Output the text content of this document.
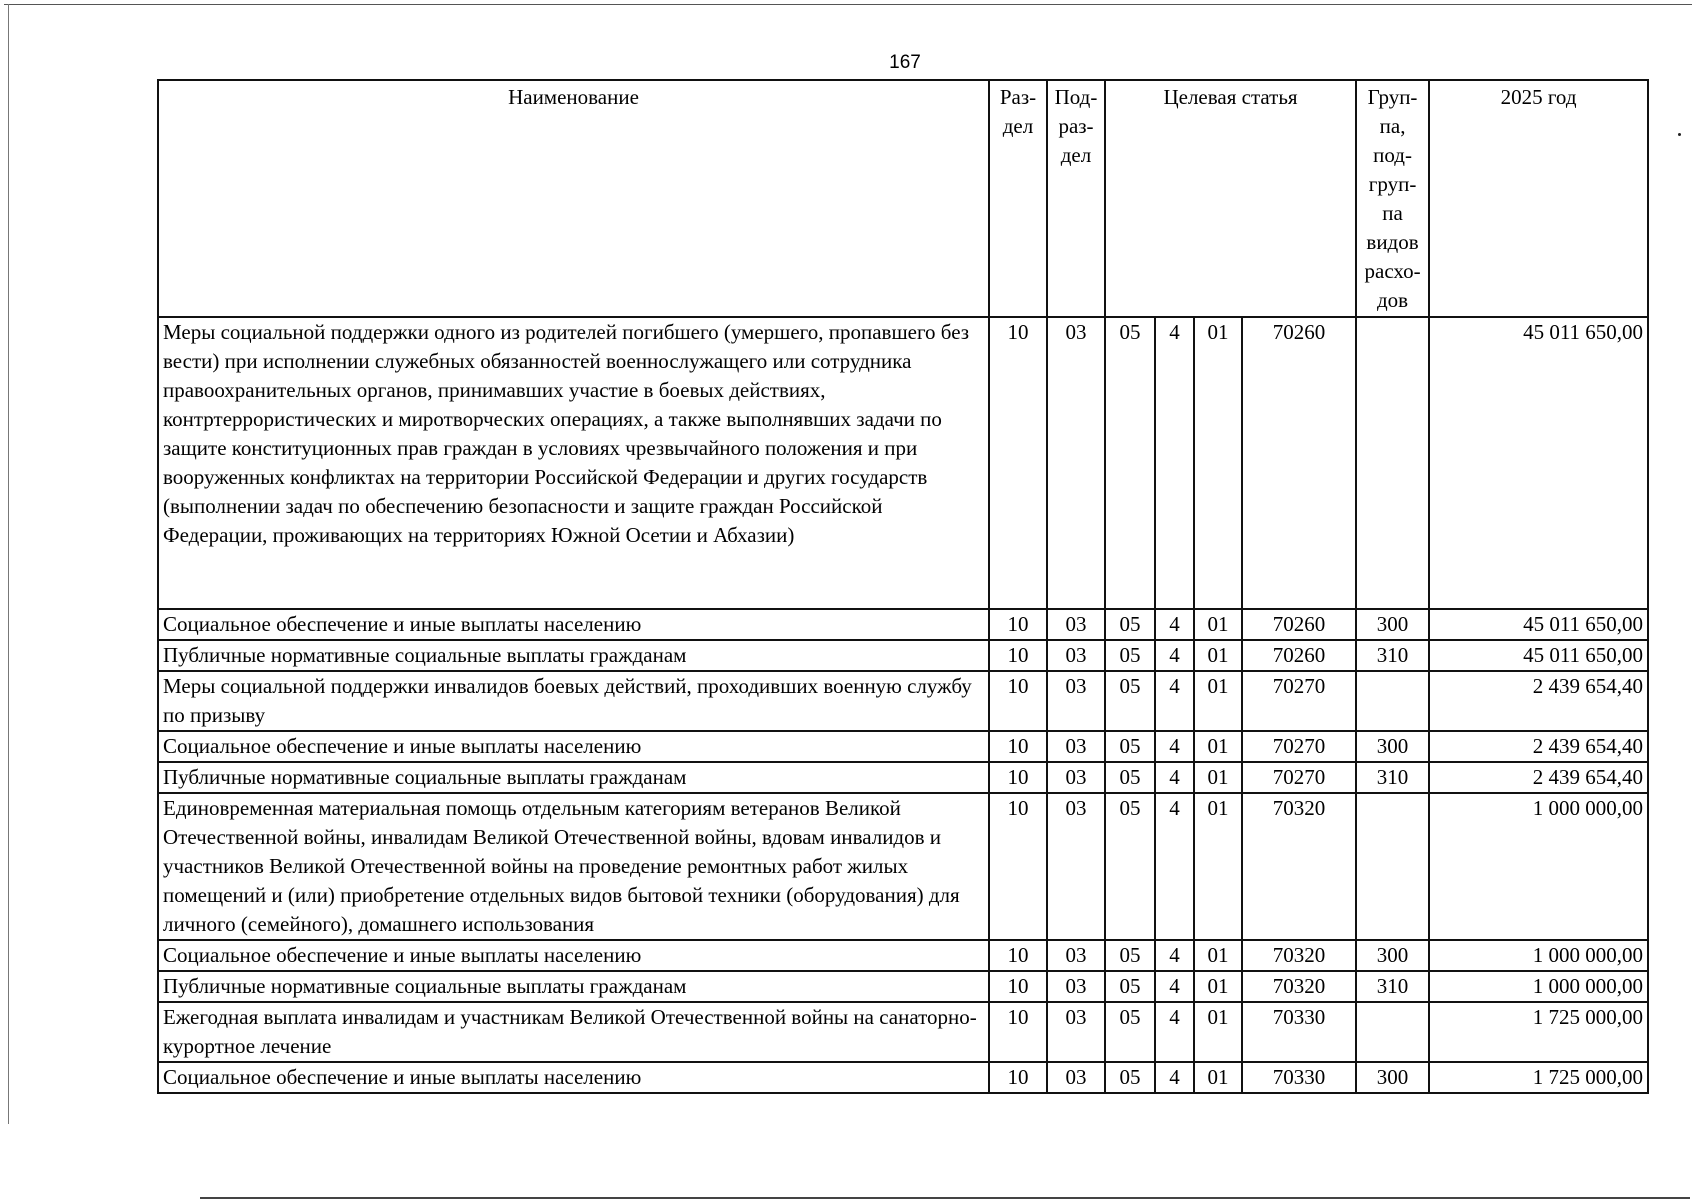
167
Наименование	Раз- дел	Под- раз- дел	Целевая статья				Груп- па, под- груп- па видов расхо- дов	2025 год
Меры социальной поддержки одного из родителей погибшего (умершего, пропавшего без вести) при исполнении служебных обязанностей военнослужащего или сотрудника правоохранительных органов, принимавших участие в боевых действиях, контртеррористических и миротворческих операциях, а также выполнявших задачи по защите конституционных прав граждан в условиях чрезвычайного положения и при вооруженных конфликтах на территории Российской Федерации и других государств (выполнении задач по обеспечению безопасности и защите граждан Российской Федерации, проживающих на территориях Южной Осетии и Абхазии)	10	03	05	4	01	70260		45 011 650,00
Социальное обеспечение и иные выплаты населению	10	03	05	4	01	70260	300	45 011 650,00
Публичные нормативные социальные выплаты гражданам	10	03	05	4	01	70260	310	45 011 650,00
Меры социальной поддержки инвалидов боевых действий, проходивших военную службу по призыву	10	03	05	4	01	70270		2 439 654,40
Социальное обеспечение и иные выплаты населению	10	03	05	4	01	70270	300	2 439 654,40
Публичные нормативные социальные выплаты гражданам	10	03	05	4	01	70270	310	2 439 654,40
Единовременная материальная помощь отдельным категориям ветеранов Великой Отечественной войны, инвалидам Великой Отечественной войны, вдовам инвалидов и участников Великой Отечественной войны на проведение ремонтных работ жилых помещений и (или) приобретение отдельных видов бытовой техники (оборудования) для личного (семейного), домашнего использования	10	03	05	4	01	70320		1 000 000,00
Социальное обеспечение и иные выплаты населению	10	03	05	4	01	70320	300	1 000 000,00
Публичные нормативные социальные выплаты гражданам	10	03	05	4	01	70320	310	1 000 000,00
Ежегодная выплата инвалидам и участникам Великой Отечественной войны на санаторно-курортное лечение	10	03	05	4	01	70330		1 725 000,00
Социальное обеспечение и иные выплаты населению	10	03	05	4	01	70330	300	1 725 000,00
